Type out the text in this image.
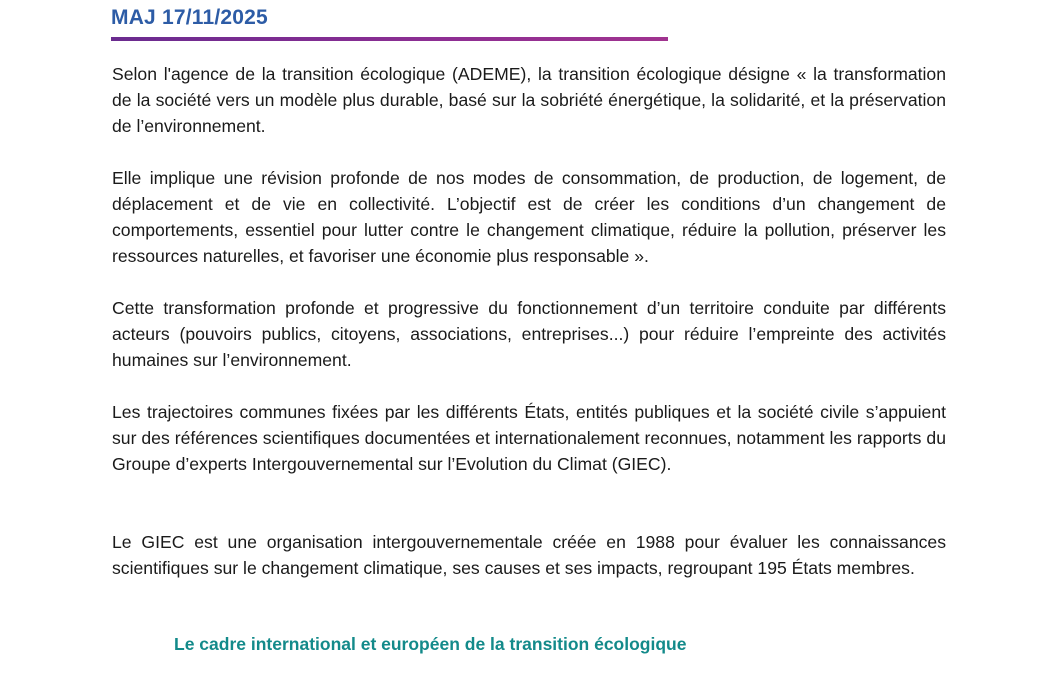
MAJ 17/11/2025

Selon l'agence de la transition écologique (ADEME), la transition écologique désigne « la transformation de la société vers un modèle plus durable, basé sur la sobriété énergétique, la solidarité, et la préservation de l’environnement.

Elle implique une révision profonde de nos modes de consommation, de production, de logement, de déplacement et de vie en collectivité. L’objectif est de créer les conditions d’un changement de comportements, essentiel pour lutter contre le changement climatique, réduire la pollution, préserver les ressources naturelles, et favoriser une économie plus responsable ».

Cette transformation profonde et progressive du fonctionnement d’un territoire conduite par différents acteurs (pouvoirs publics, citoyens, associations, entreprises...) pour réduire l’empreinte des activités humaines sur l’environnement.

Les trajectoires communes fixées par les différents États, entités publiques et la société civile s’appuient sur des références scientifiques documentées et internationalement reconnues, notamment les rapports du Groupe d’experts Intergouvernemental sur l’Evolution du Climat (GIEC).

Le GIEC est une organisation intergouvernementale créée en 1988 pour évaluer les connaissances scientifiques sur le changement climatique, ses causes et ses impacts, regroupant 195 États membres.

Le cadre international et européen de la transition écologique
